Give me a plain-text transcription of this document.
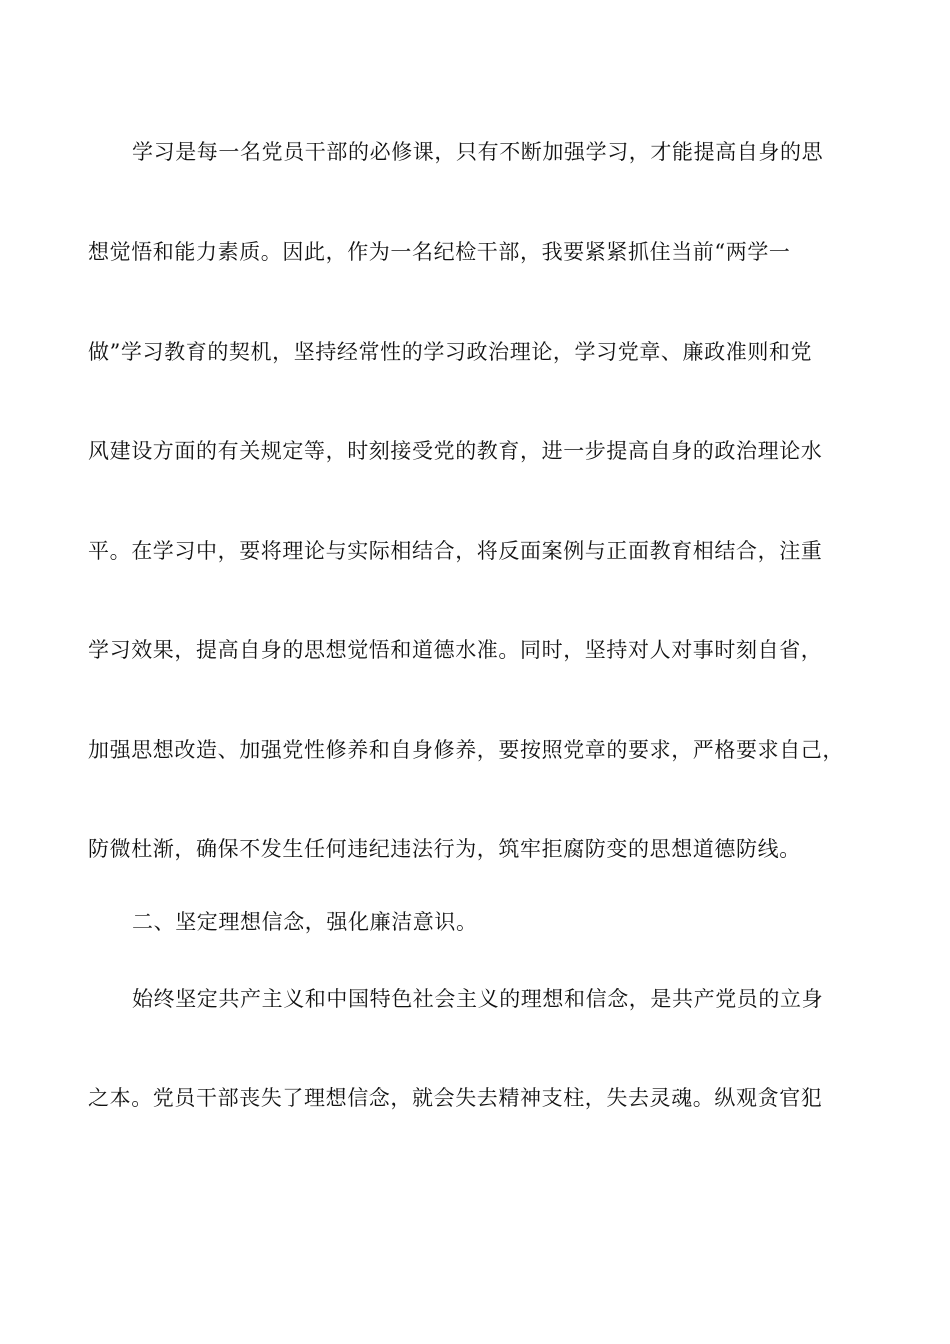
学习是每一名党员干部的必修课，只有不断加强学习，才能提高自身的思
想觉悟和能力素质。因此，作为一名纪检干部，我要紧紧抓住当前“两学一
做”学习教育的契机，坚持经常性的学习政治理论，学习党章、廉政准则和党
风建设方面的有关规定等，时刻接受党的教育，进一步提高自身的政治理论水
平。在学习中，要将理论与实际相结合，将反面案例与正面教育相结合，注重
学习效果，提高自身的思想觉悟和道德水准。同时，坚持对人对事时刻自省，
加强思想改造、加强党性修养和自身修养，要按照党章的要求，严格要求自己，
防微杜渐，确保不发生任何违纪违法行为，筑牢拒腐防变的思想道德防线。
二、坚定理想信念，强化廉洁意识。
始终坚定共产主义和中国特色社会主义的理想和信念，是共产党员的立身
之本。党员干部丧失了理想信念，就会失去精神支柱，失去灵魂。纵观贪官犯
